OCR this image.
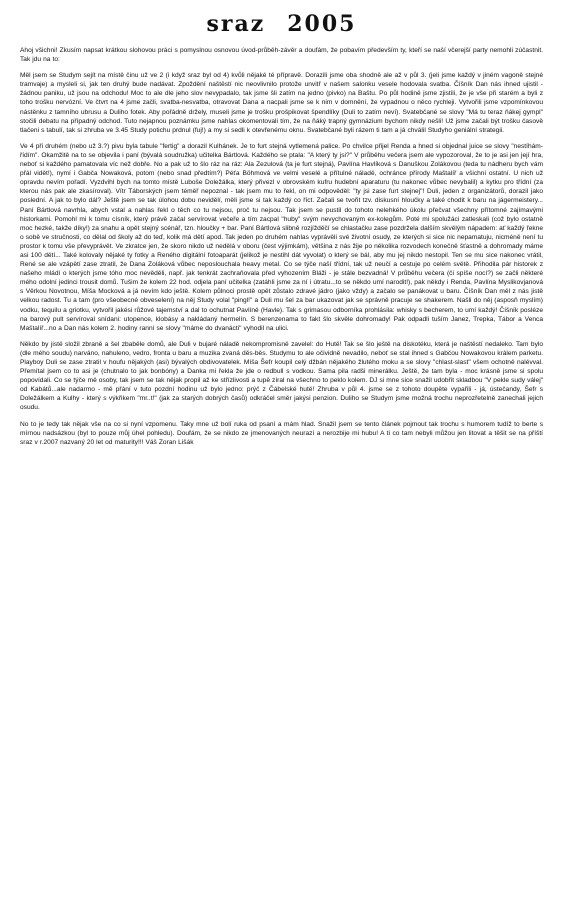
sraz 2005

Ahoj všichni! Zkusím napsat krátkou slohovou práci s pomyslnou osnovou úvod-průběh-závěr a doufám, že pobavím především ty, kteří se naší včerejší party nemohli zúčastnit. Tak jdu na to:

Měl jsem se Studym sejít na místě činu už ve 2 (i když sraz byl od 4) kvůli nějaké té přípravě. Dorazili jsme oba shodně ale až v půl 3. (jeli jsme každý v jiném vagoně stejné tramvaje) a mysleli si, jak ten druhý bude nadávat. Zpoždění naštěstí nic neovlivnilo protože unvitř v našem salonku vesele hodovala svatba. Číšník Dan nás ihned ujistil - žádnou paniku, už jsou na odchodu! Moc to ale dle jeho slov nevypadalo, tak jsme šli zatím na jedno (pivko) na Baštu. Po půl hodině jsme zjistili, že je vše při starém a byli z toho trošku nervózní. Ve čtvrt na 4 jsme začli, svatba-nesvatba, otravovat Dana a nacpali jsme se k nim v domnění, že vypadnou o něco rychleji. Vytvořili jsme vzpomínkovou nástěnku z tamního ubrusu a Duliho fotek. Aby pořádně držely, museli jsme je trošku prošpikovat špendlíky (Duli to zatím neví). Svatebčané se slovy "Má tu teraz ňákej gympl" stočili debatu na případný odchod. Tuto nejapnou poznámku jsme nahlas okomentovali tím, že na ňáký trapný gymnázium bychom nikdy nešli! Už jsme začali být trošku časově tlačeni s tabulí, tak si zhruba ve 3.45 Study potichu prdnul (fuj!) a my si sedli k otevřenému oknu. Svatebčané byli rázem ti tam a já chválil Studyho geniální strategii.

Ve 4 při druhém (nebo už 3.?) pivu byla tabule "fertig" a dorazil Kulhánek. Je to furt stejná vytlemená palice. Po chvilce přijel Renda a hned si objednal juice se slovy "nestíhám-řídím". Okamžitě na to se objevila i paní (bývalá soudružka) učitelka Bártlová. Každého se ptala: "A který ty jsi?" V průběhu večera jsem ale vypozoroval, že to je asi jen její hra, neboť si každého pamatovala víc než dobře. No a pak už to šlo ráz na ráz: Ala Zezulová (ta je furt stejná), Pavlína Havlíková s Danuškou Zolákovou (teda tu nádheru bych vám přál vidět!), nymí i Gabča Nowaková, potom (nebo snad předtím?) Péťa Böhmová ve velmi veselé a přítulné náladě, ochránce přírody Maštalíř a všichni ostatní. U nich už opravdu nevím pořadí. Vyzdvihl bych na tomto místě Luboše Doležálka, který přivezl v obrovském kufru hudební aparaturu (tu nakonec vůbec nevybalil) a kytku pro třídní (za kterou nás pak ale zkasíroval). Vítr Táborských jsem téměř nepoznal - tak jsem mu to řekl, on mi odpověděl: "ty jsi zase furt stejnej"! Duli, jeden z organizátorů, dorazil jako poslední. A jak to bylo dál? Ještě jsem se tak úlohou dobu nevidělí, měli jsme si tak každý co říct. Začali se tvořit tzv. diskusní hloučky a také chodit k baru na jágermeistery... Paní Bártlová navrhla, abych vstal a nahlas řekl o těch co tu nejsou, proč tu nejsou. Tak jsem se pustil do tohoto nelehkého úkolu přečvat všechny přítomné zajímavými historkami. Pomohl mi k tomu císník, který právě začal servírovat večeře a tím zacpal "huby" svým nevychovaným ex-kolegům. Poté mi spolužáci zatleskali (což bylo ostatně moc hezké, takže díky!) za snahu a opět stejný scénář, tzn. hloučky + bar. Paní Bártlová slibně rozjížděčí se chlastačku zase pozdržela dalším skvělým nápadem: ať každý řekne o sobě ve stručnosti, co dělal od školy až do teď, kolik má dětí apod. Tak jeden po druhém nahlas vyprávěli své životní osudy, ze kterých si sice nic nepamatuju, nicméně není tu prostor k tomu vše převyprávět. Ve zkratce jen, že skoro nikdo už nedělá v oboru (čest výjimkám), většina z nás žije po několika rozvodech konečně šťastně a dohromady máme asi 100 dětí... Také kolovaly nějaké ty fotky a Reného digitální fotoaparát (jelikož je nestihl dát vyvolat) o který se bál, aby mu jej nikdo nestopil. Ten se mu sice nakonec vrátil, René se ale vzápětí zase ztratil, že Dana Zoláková vůbec neposlouchala heavy metal. Co se týče naší třídní, tak už neučí a cestuje po celém světě. Přihodila pár historek z našeho mládí o kterých jsme tóho moc nevěděli, např. jak tenkrát zachraňovala před vyhozením Bláži - je stále bezvadná! V průběhu večera (či spíše nocí?) se začli některé mého odolní jedinci trousit domů. Tušim že kolem 22 hod. odjela paní učitelka (zatáhli jsme za ní i útratu...to se někdo umí narodit!), pak někdy i Renda, Pavlína Myslikovjanová s Věrkou Novotnou, Míša Mocková a já nevím kdo ještě. Kolem půlnoci prostě opět zůstalo zdravé jádro (jako vždy) a začalo se panákovat u baru. Číšník Dan měl z nás jistě velkou radost. Tu a tam (pro všeobecné obveselení) na něj Study volal "pingl!" a Duli mu šel za bar ukazovat jak se správně pracuje se shakerem. Našli do něj (asposň myslím) vodku, tequilu a griotku, vytvořil jakési růžové tajemství a dal to ochutnat Pavlíně (Havle). Tak s grimasou odborníka prohlásila: whisky s becherem, to umí každý! Číšník posléze na barový pult servíroval snídani: utopence, klobásy a nakládaný hermelín. S berenzenama to fakt šlo skvěle dohromady! Pak odpadli tuším Janez, Trepka, Tábor a Venca Maštalíř...no a Dan nás kolem 2. hodiny ranní se slovy "máme do dvanácti" vyhodil na ulici.

Někdo by jistě složil zbraně a šel zbaběle domů, ale Duli v bujaré náladě nekompromisně zavelel: do Hutě! Tak se šlo ještě na diskotéku, která je naštěstí nedaleko. Tam bylo (dle mého soudu) narváno, nahuleno, vedro, fronta u baru a muzika zvaná děs-běs. Studymu to ale očividně nevadilo, neboť se stal ihned s Gabčou Nowakovou králem parketu. Playboy Duli se zase ztratil v houfu nějakých (asi) bývalých obdivovatelek. Míša Šefr koupil celý džbán nějakého žlutého moku a se slovy "chlast-slast" všem ochotně nalévval. Přemítal jsem co to asi je (chutnalo to jak bonbóny) a Danka mi řekla že jde o redbull s vodkou. Sama pila radši minerálku. Ještě, že tam byla - moc krásně jsme si spolu popovídali. Co se týče mě osoby, tak jsem se tak nějak propil až ke střízlivosti a tupě zíral na všechno to peklo kolem. DJ si mne sice snažil udobřit skladbou "V pekle sudy válej" od Kabátů...ale nadarmo - mě přání v tuto pozdní hodinu už bylo jedno: prýč z Čábelské hutě! Zhruba v půl 4. jsme se z tohoto doupěte vypařili - já, ústečandy, Šefr s Doležálkem a Kulhy - který s výkřikem "mr..t!" (jak za starých dobrých časů) odkráčel směr jakýsi penzion. Duliho se Studym jsme možná trochu neprozřetelně zanechali jejich osudu.

No to je tedy tak nějak vše na co si nyní vzpomenu. Taky mne už bolí ruka od psaní a mám hlad. Snažil jsem se tento článek pojmout tak trochu s humorem tudíž to berte s mírnou nadsázkou (byl to pouze můj úhel pohledu). Doufám, že se nikdo ze jmenovaných neurazí a nerozbije mi hubu! A ti co tam nebyli můžou jen litovat a těšit se na příští sraz v r.2007 nazvaný 20 let od maturity!!! Váš Zoran Lišák
